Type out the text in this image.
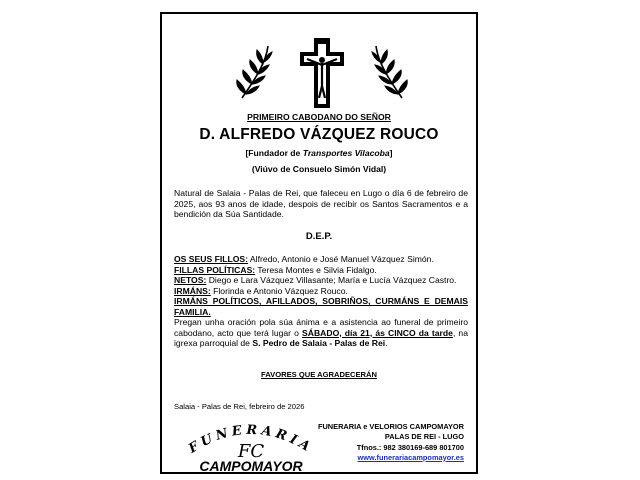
PRIMEIRO CABODANO DO SEÑOR
D. ALFREDO VÁZQUEZ ROUCO
[Fundador de Transportes Vilacoba]
(Viúvo de Consuelo Simón Vidal)
Natural de Salaia - Palas de Rei, que faleceu en Lugo o día 6 de febreiro de 2025, aos 93 anos de idade, despois de recibir os Santos Sacramentos e a bendición da Súa Santidade.
D.E.P.
OS SEUS FILLOS: Alfredo, Antonio e José Manuel Vázquez Simón.
FILLAS POLÍTICAS: Teresa Montes e Silvia Fidalgo.
NETOS: Diego e Lara Vázquez Villasante; María e Lucía Vázquez Castro.
IRMÁNS: Florinda e Antonio Vázquez Rouco.
IRMÁNS POLÍTICOS, AFILLADOS, SOBRIÑOS, CURMÁNS E DEMAIS FAMILIA.
Pregan unha oración pola súa ánima e a asistencia ao funeral de primeiro cabodano, acto que terá lugar o SÁBADO, día 21, ás CINCO da tarde, na igrexa parroquial de S. Pedro de Salaia - Palas de Rei.
FAVORES QUE AGRADECERÁN
Salaia - Palas de Rei, febreiro de 2026
FUNERARIA
FC
CAMPOMAYOR
FUNERARIA e VELORIOS CAMPOMAYOR
PALAS DE REI - LUGO
Tfnos.: 982 380169-689 801700
www.funerariacampomayor.es
